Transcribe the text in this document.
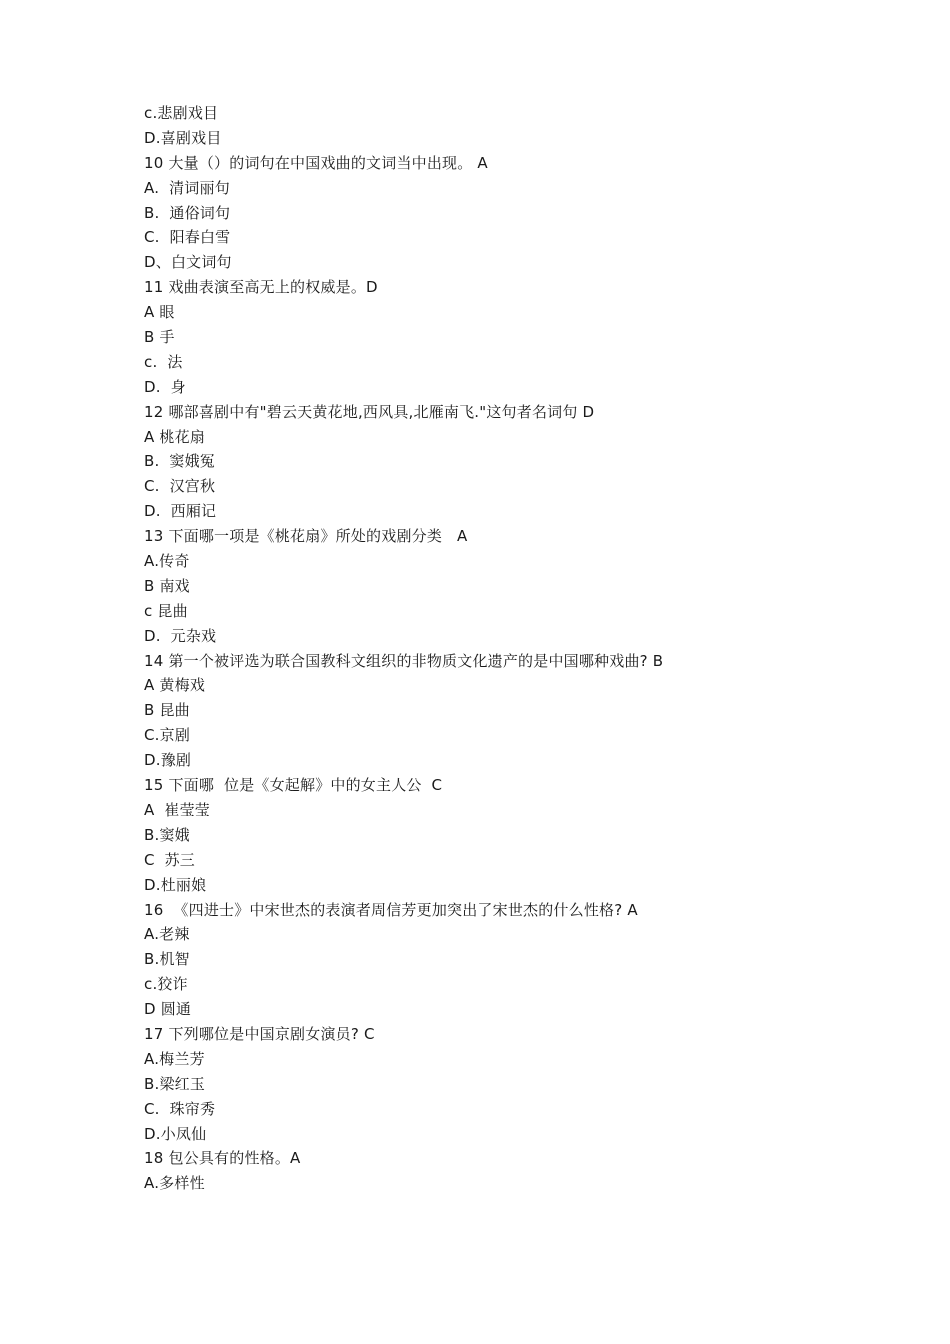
c.悲剧戏目
D.喜剧戏目
10 大量（）的词句在中国戏曲的文词当中出现。 A
A.  清词丽句
B.  通俗词句
C.  阳春白雪
D、白文词句
11 戏曲表演至高无上的权威是。D
A 眼
B 手
c.  法
D.  身
12 哪部喜剧中有"碧云天黄花地,西风具,北雁南飞."这句者名词句 D
A 桃花扇
B.  窦娥冤
C.  汉宫秋
D.  西厢记
13 下面哪一项是《桃花扇》所处的戏剧分类   A
A.传奇
B 南戏
c 昆曲
D.  元杂戏
14 第一个被评选为联合国教科文组织的非物质文化遗产的是中国哪种戏曲? B
A 黄梅戏
B 昆曲
C.京剧
D.豫剧
15 下面哪  位是《女起解》中的女主人公  C
A  崔莹莹
B.窦娥
C  苏三
D.杜丽娘
16  《四进士》中宋世杰的表演者周信芳更加突出了宋世杰的什么性格? A
A.老辣
B.机智
c.狡诈
D 圆通
17 下列哪位是中国京剧女演员? C
A.梅兰芳
B.梁红玉
C.  珠帘秀
D.小凤仙
18 包公具有的性格。A
A.多样性
